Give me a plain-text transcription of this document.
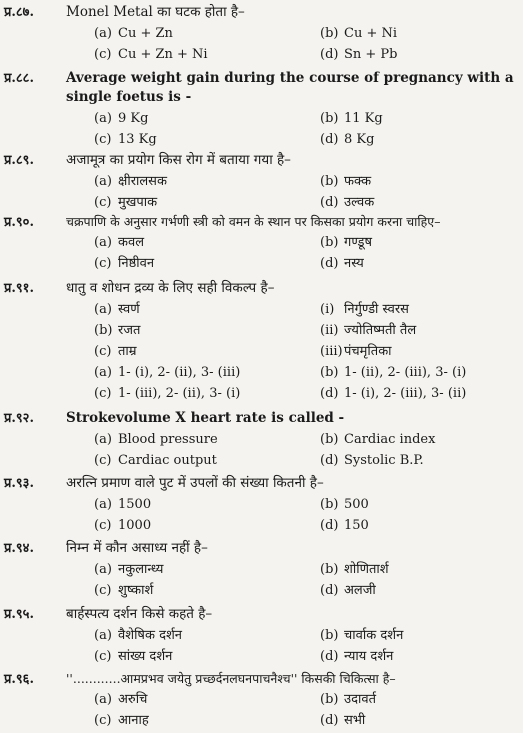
प्र.८७.	Monel Metal का घटक होता है–
(a) Cu + Zn	(b) Cu + Ni
(c) Cu + Zn + Ni	(d) Sn + Pb
प्र.८८.	Average weight gain during the course of pregnancy with a single foetus is -
(a) 9 Kg	(b) 11 Kg
(c) 13 Kg	(d) 8 Kg
प्र.८९.	अजामूत्र का प्रयोग किस रोग में बताया गया है–
(a) क्षीरालसक	(b) फक्क
(c) मुखपाक	(d) उल्वक
प्र.९०.	चक्रपाणि के अनुसार गर्भणी स्त्री को वमन के स्थान पर किसका प्रयोग करना चाहिए–
(a) कवल	(b) गण्डूष
(c) निष्ठीवन	(d) नस्य
प्र.९१.	धातु व शोधन द्रव्य के लिए सही विकल्प है–
(a) स्वर्ण	(i) निर्गुण्डी स्वरस
(b) रजत	(ii) ज्योतिष्मती तैल
(c) ताम्र	(iii)पंचमृतिका
(a) 1- (i), 2- (ii), 3- (iii)	(b) 1- (ii), 2- (iii), 3- (i)
(c) 1- (iii), 2- (ii), 3- (i)	(d) 1- (i), 2- (iii), 3- (ii)
प्र.९२.	Strokevolume X heart rate is called -
(a) Blood pressure	(b) Cardiac index
(c) Cardiac output	(d) Systolic B.P.
प्र.९३.	अरत्नि प्रमाण वाले पुट में उपलों की संख्या कितनी है–
(a) 1500	(b) 500
(c) 1000	(d) 150
प्र.९४.	निम्न में कौन असाध्य नहीं है–
(a) नकुलान्ध्य	(b) शोणितार्श
(c) शुष्कार्श	(d) अलजी
प्र.९५.	बार्हस्पत्य दर्शन किसे कहते है–
(a) वैशेषिक दर्शन	(b) चार्वाक दर्शन
(c) सांख्य दर्शन	(d) न्याय दर्शन
प्र.९६.	''............आमप्रभव जयेतु प्रच्छर्दनलघनपाचनैश्च'' किसकी चिकित्सा है–
(a) अरुचि	(b) उदावर्त
(c) आनाह	(d) सभी
